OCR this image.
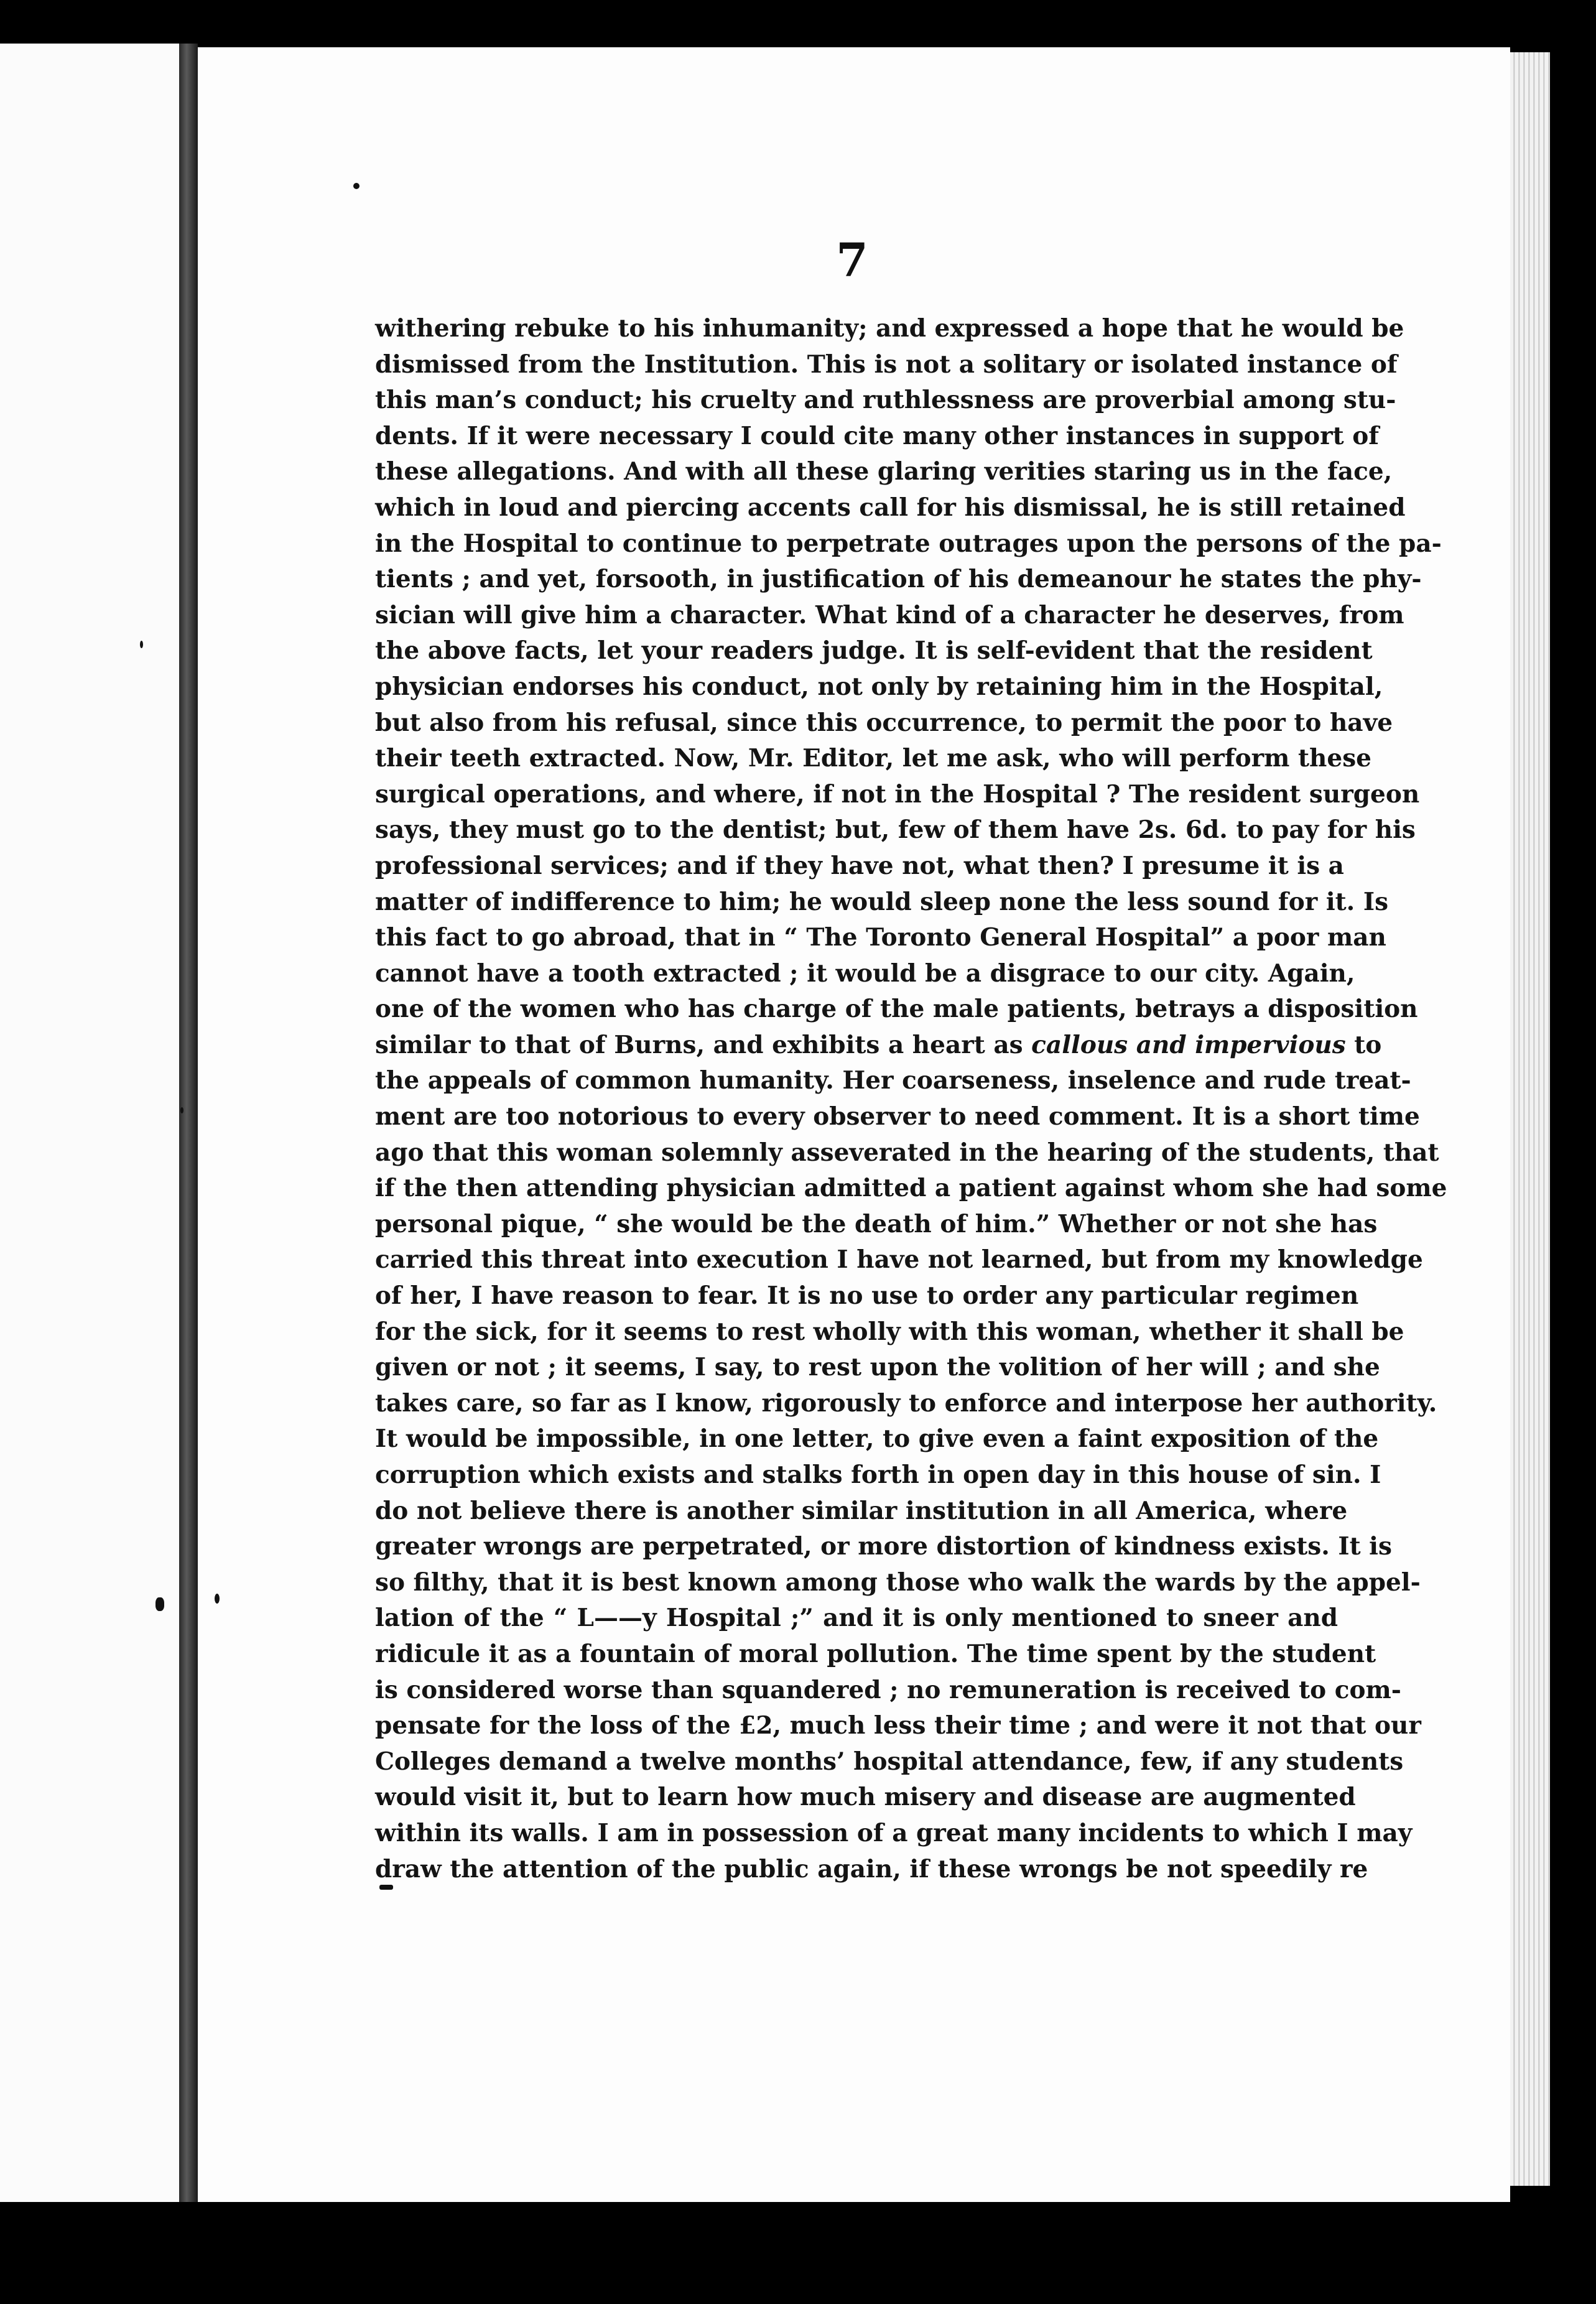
7
withering rebuke to his inhumanity; and expressed a hope that he would be
dismissed from the Institution. This is not a solitary or isolated instance of
this man’s conduct; his cruelty and ruthlessness are proverbial among stu-
dents. If it were necessary I could cite many other instances in support of
these allegations. And with all these glaring verities staring us in the face,
which in loud and piercing accents call for his dismissal, he is still retained
in the Hospital to continue to perpetrate outrages upon the persons of the pa-
tients ; and yet, forsooth, in justification of his demeanour he states the phy-
sician will give him a character. What kind of a character he deserves, from
the above facts, let your readers judge. It is self-evident that the resident
physician endorses his conduct, not only by retaining him in the Hospital,
but also from his refusal, since this occurrence, to permit the poor to have
their teeth extracted. Now, Mr. Editor, let me ask, who will perform these
surgical operations, and where, if not in the Hospital ? The resident surgeon
says, they must go to the dentist; but, few of them have 2s. 6d. to pay for his
professional services; and if they have not, what then? I presume it is a
matter of indifference to him; he would sleep none the less sound for it. Is
this fact to go abroad, that in “ The Toronto General Hospital” a poor man
cannot have a tooth extracted ; it would be a disgrace to our city. Again,
one of the women who has charge of the male patients, betrays a disposition
similar to that of Burns, and exhibits a heart as callous and impervious to
the appeals of common humanity. Her coarseness, inselence and rude treat-
ment are too notorious to every observer to need comment. It is a short time
ago that this woman solemnly asseverated in the hearing of the students, that
if the then attending physician admitted a patient against whom she had some
personal pique, “ she would be the death of him.” Whether or not she has
carried this threat into execution I have not learned, but from my knowledge
of her, I have reason to fear. It is no use to order any particular regimen
for the sick, for it seems to rest wholly with this woman, whether it shall be
given or not ; it seems, I say, to rest upon the volition of her will ; and she
takes care, so far as I know, rigorously to enforce and interpose her authority.
It would be impossible, in one letter, to give even a faint exposition of the
corruption which exists and stalks forth in open day in this house of sin. I
do not believe there is another similar institution in all America, where
greater wrongs are perpetrated, or more distortion of kindness exists. It is
so filthy, that it is best known among those who walk the wards by the appel-
lation of the “ L——y Hospital ;” and it is only mentioned to sneer and
ridicule it as a fountain of moral pollution. The time spent by the student
is considered worse than squandered ; no remuneration is received to com-
pensate for the loss of the £2, much less their time ; and were it not that our
Colleges demand a twelve months’ hospital attendance, few, if any students
would visit it, but to learn how much misery and disease are augmented
within its walls. I am in possession of a great many incidents to which I may
draw the attention of the public again, if these wrongs be not speedily re
